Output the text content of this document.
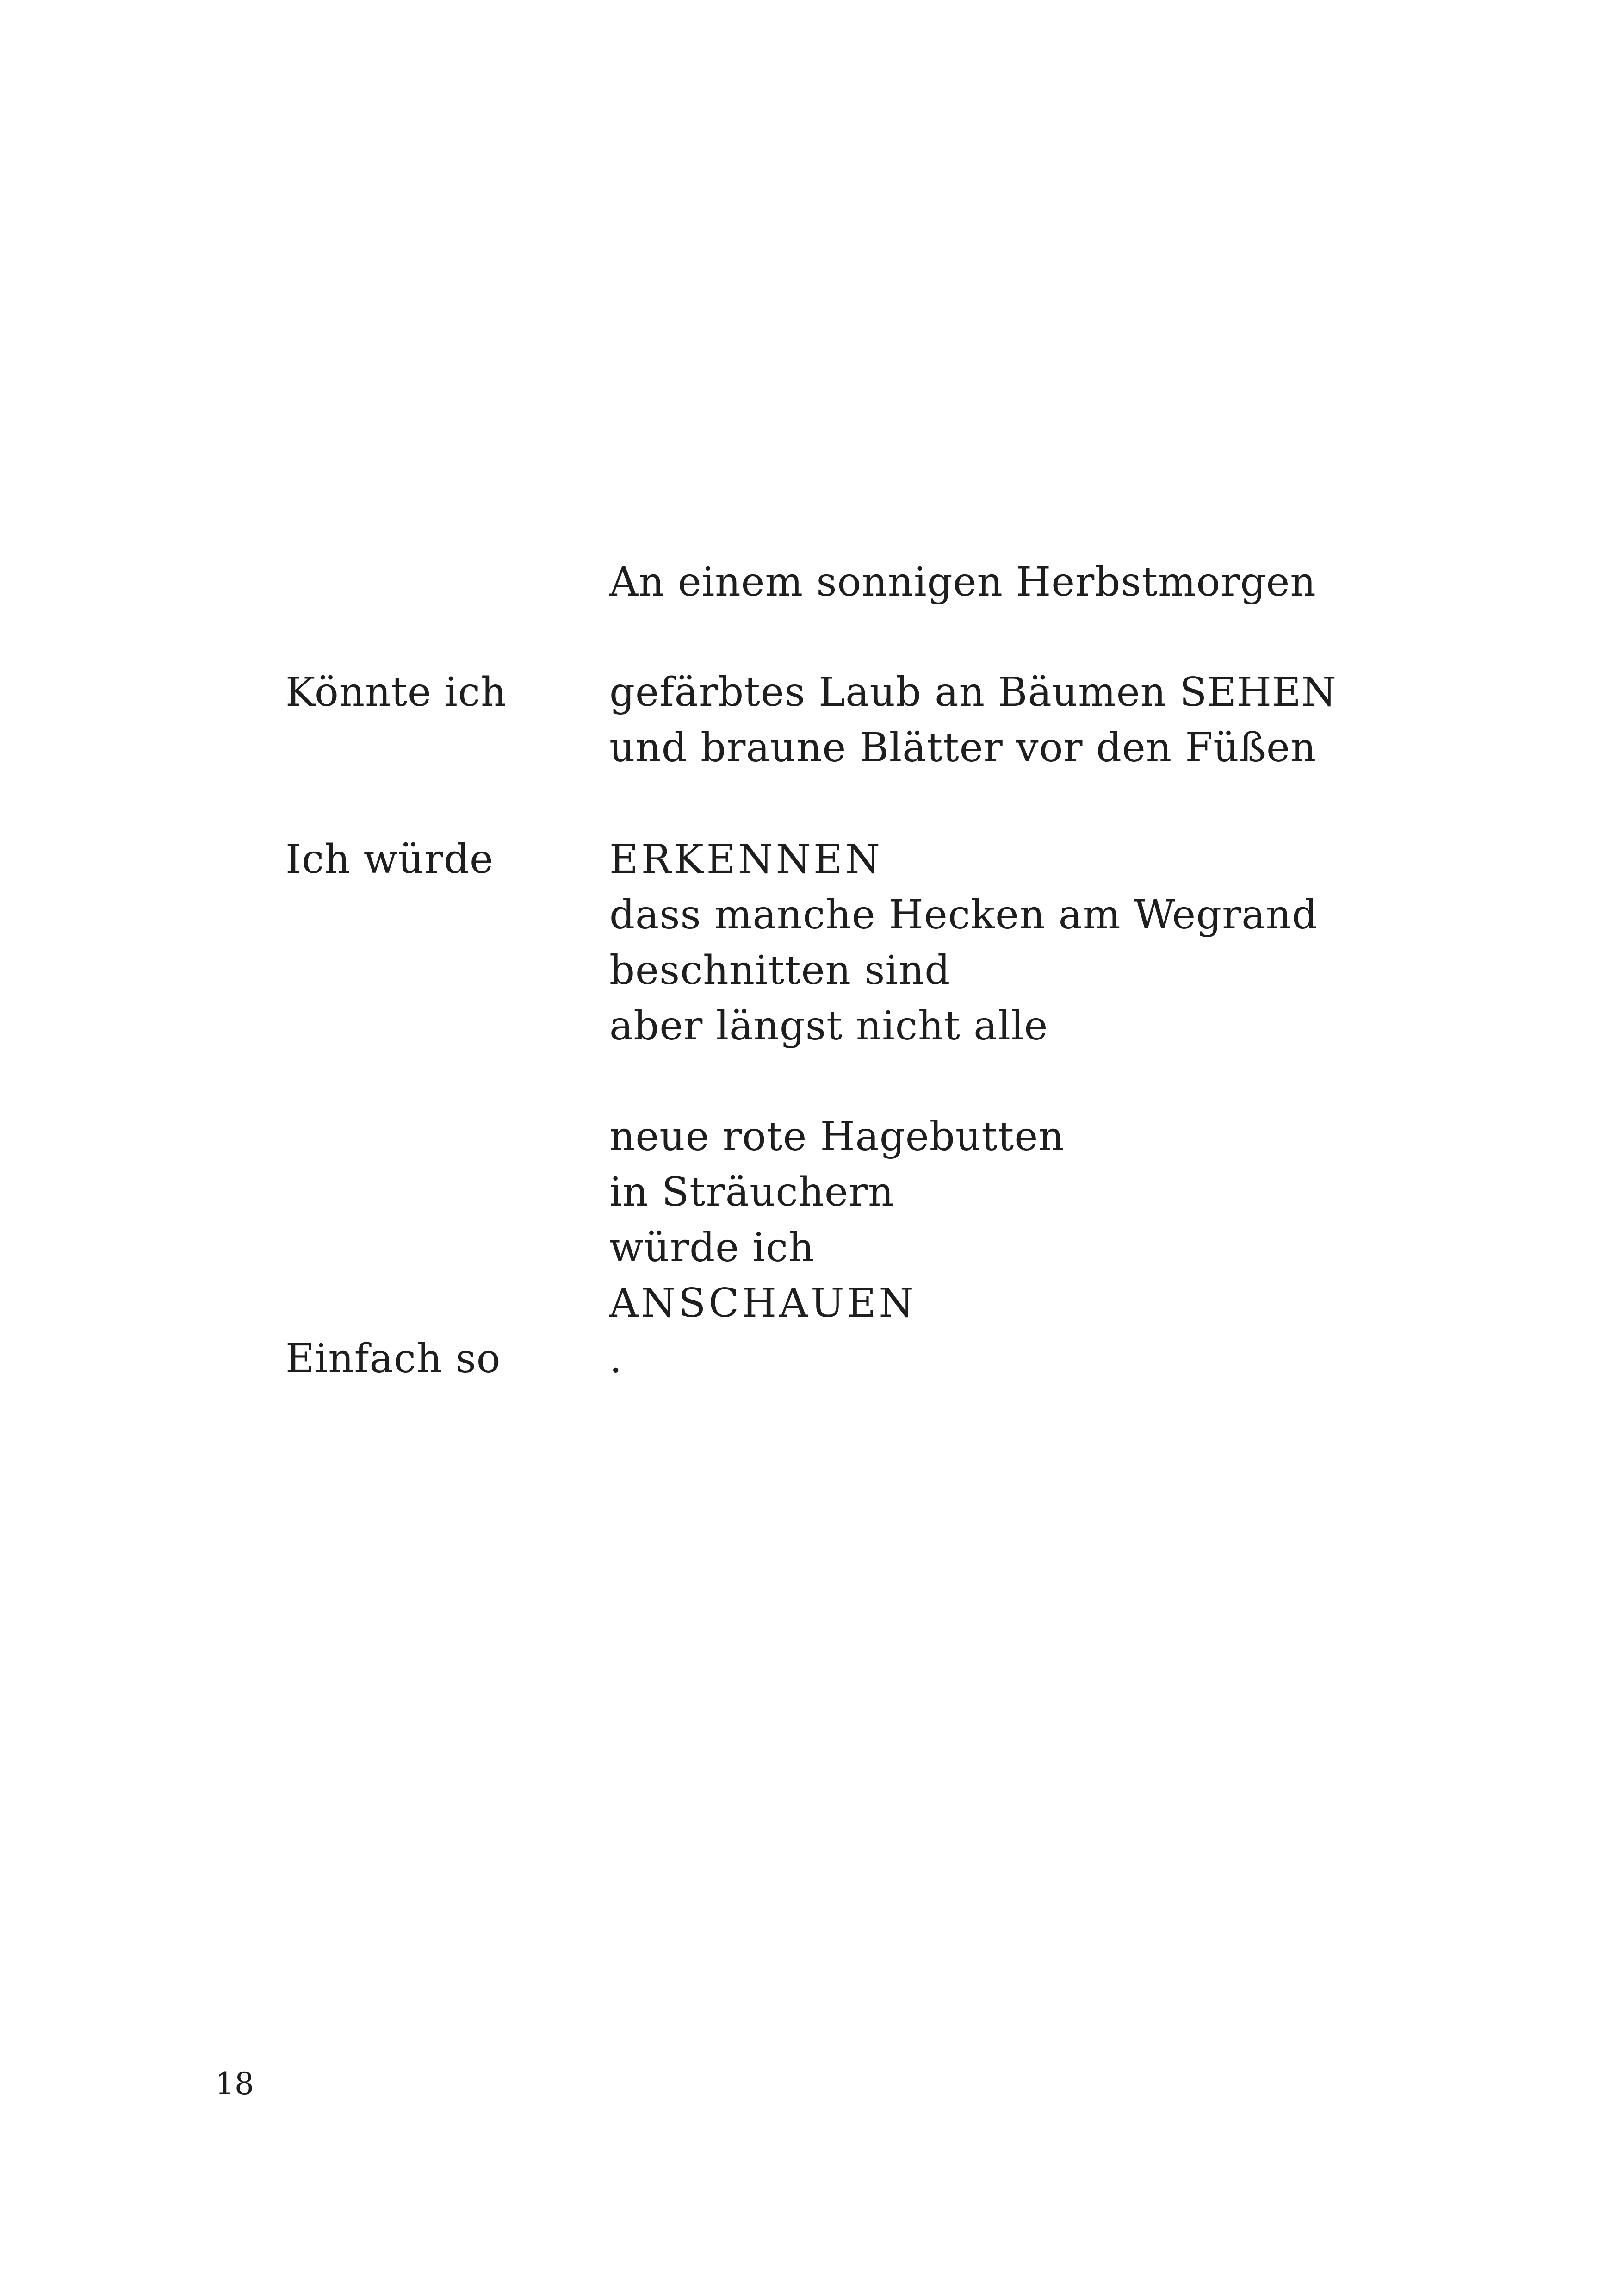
An einem sonnigen Herbstmorgen
Könnte ich	gefärbtes Laub an Bäumen SEHEN
und braune Blätter vor den Füßen
Ich würde	ERKENNEN
dass manche Hecken am Wegrand
beschnitten sind
aber längst nicht alle
neue rote Hagebutten
in Sträuchern
würde ich
ANSCHAUEN
Einfach so	.
18
